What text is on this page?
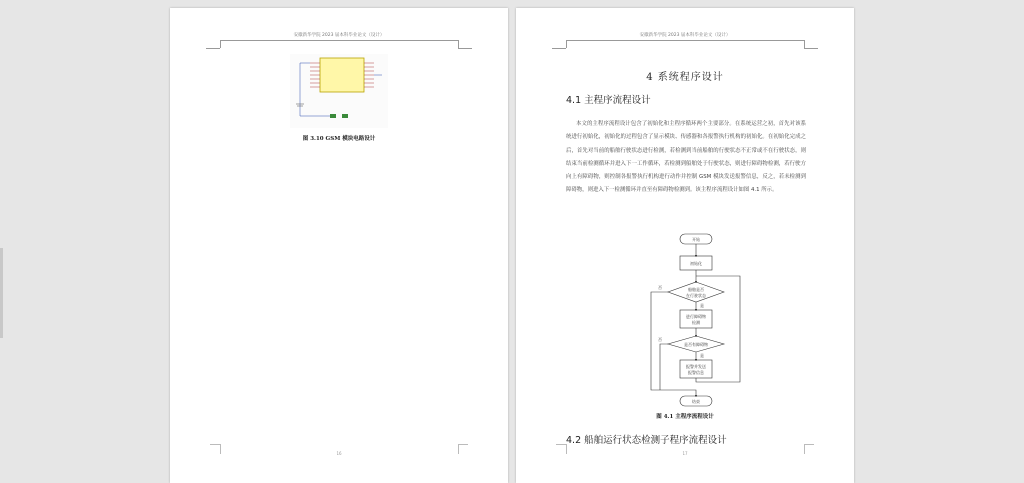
安徽新华学院 2023 届本科毕业论文（设计）
图 3.10 GSM 模块电路设计
16
安徽新华学院 2023 届本科毕业论文（设计）
4 系统程序设计
4.1 主程序流程设计
本文的主程序流程设计包含了初始化和主程序循环两个主要部分。在系统运营之初，首先对该系统进行初始化，初始化的过程包含了显示模块、传感器和各报警执行机构的初始化。在初始化完成之后，首先对当前的船舶行驶状态进行检测，若检测到当前船舶的行驶状态不正常或不在行驶状态，则结束当前检测循环并进入下一工作循环，若检测到船舶处于行驶状态，则进行障碍物检测，若行驶方向上有障碍物，则控制各报警执行机构进行动作并控制 GSM 模块发送报警信息，反之，若未检测到障碍物，则进入下一检测循环并直至有障碍物检测到。该主程序流程设计如图 4.1 所示。
开始
初始化
船舶是否
在行驶状态
进行障碍物
检测
是否有障碍物
报警并发送
报警信息
结束
是
否
是
否
图 4.1 主程序流程设计
4.2 船舶运行状态检测子程序流程设计
17
